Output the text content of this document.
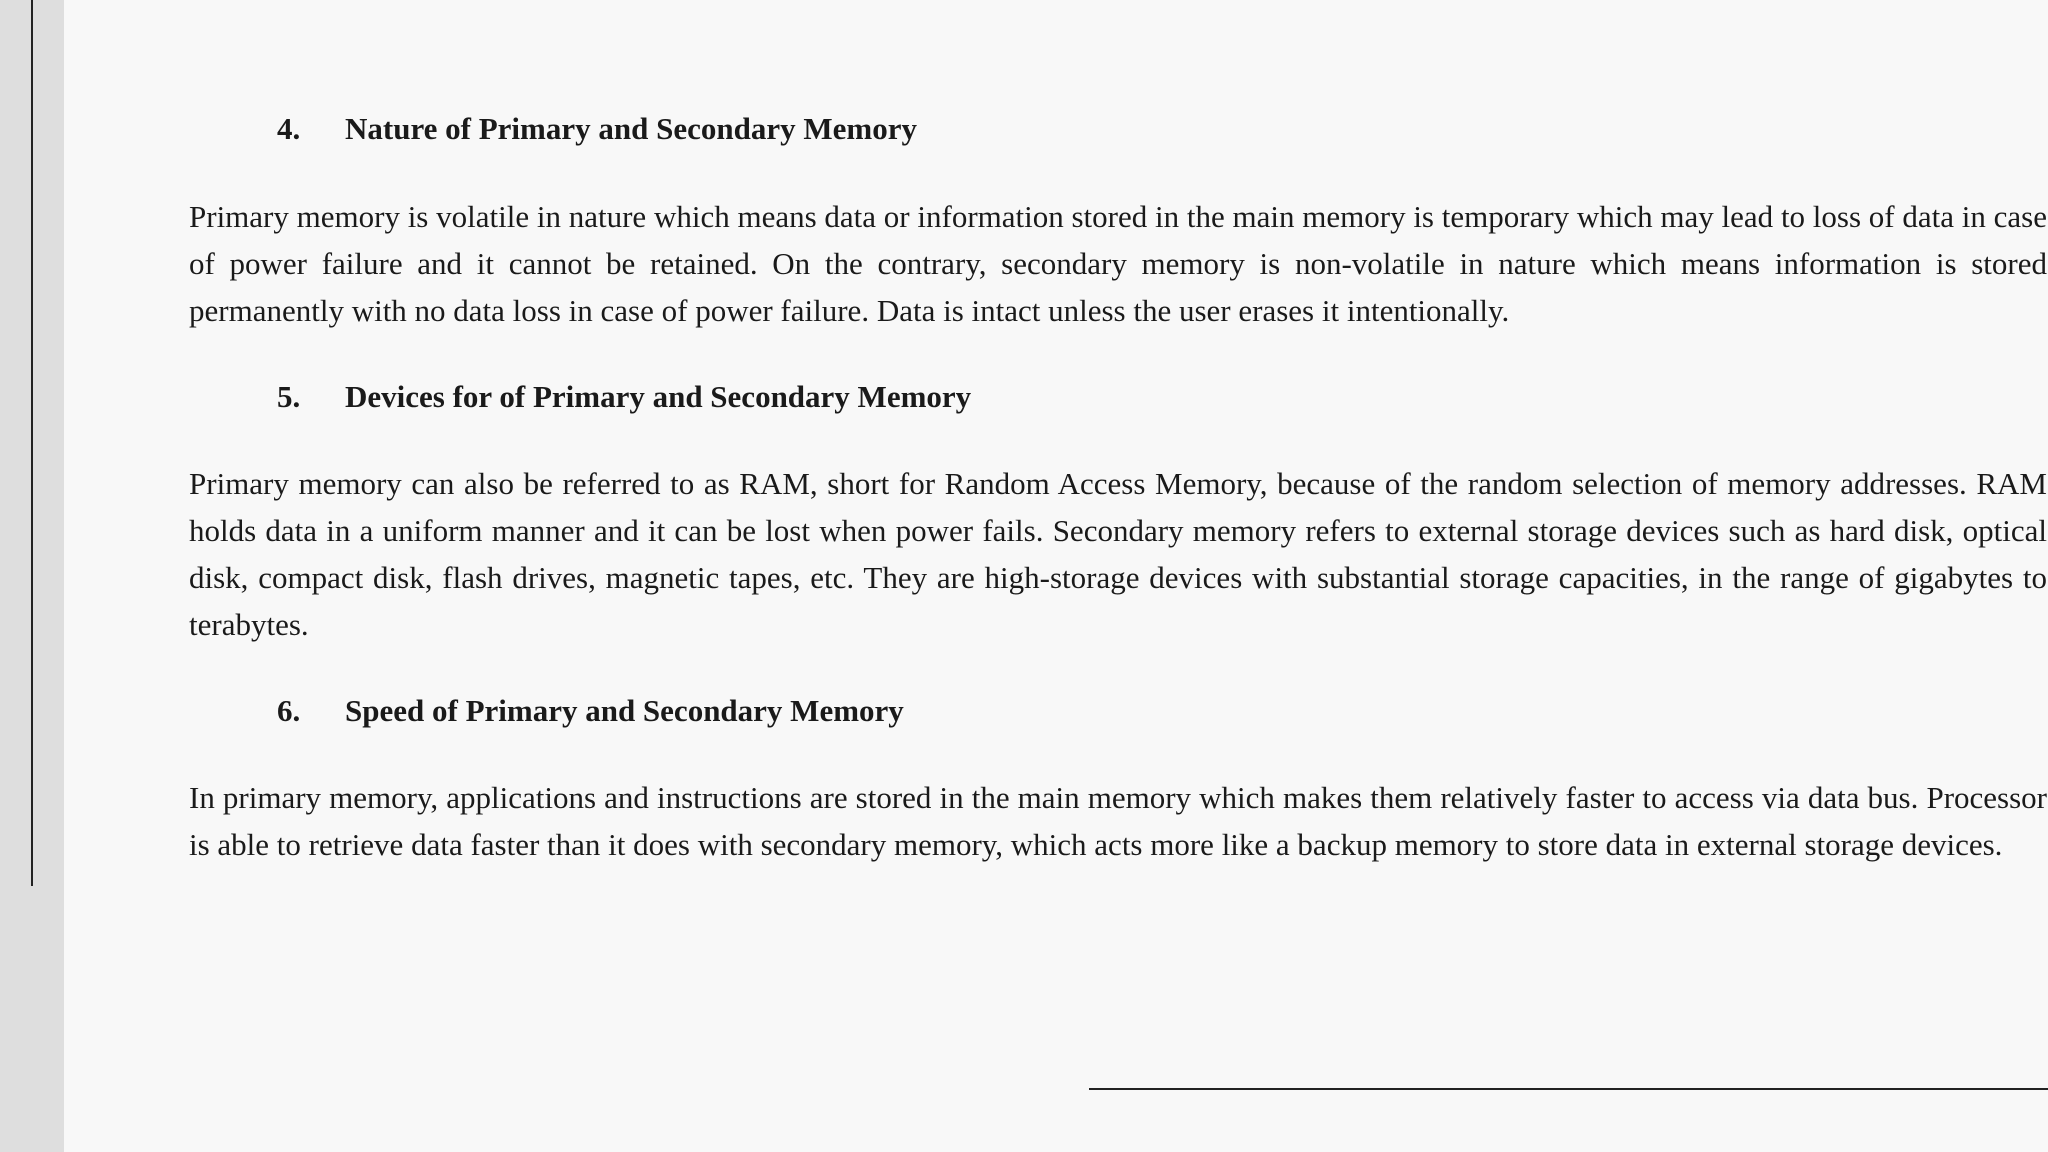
4. Nature of Primary and Secondary Memory

Primary memory is volatile in nature which means data or information stored in the main memory is temporary which may lead to loss of data in case of power failure and it cannot be retained. On the contrary, secondary memory is non-volatile in nature which means information is stored permanently with no data loss in case of power failure. Data is intact unless the user erases it intentionally.

5. Devices for of Primary and Secondary Memory

Primary memory can also be referred to as RAM, short for Random Access Memory, because of the random selection of memory addresses. RAM holds data in a uniform manner and it can be lost when power fails. Secondary memory refers to external storage devices such as hard disk, optical disk, compact disk, flash drives, magnetic tapes, etc. They are high-storage devices with substantial storage capacities, in the range of gigabytes to terabytes.

6. Speed of Primary and Secondary Memory

In primary memory, applications and instructions are stored in the main memory which makes them relatively faster to access via data bus. Processor is able to retrieve data faster than it does with secondary memory, which acts more like a backup memory to store data in external storage devices.
